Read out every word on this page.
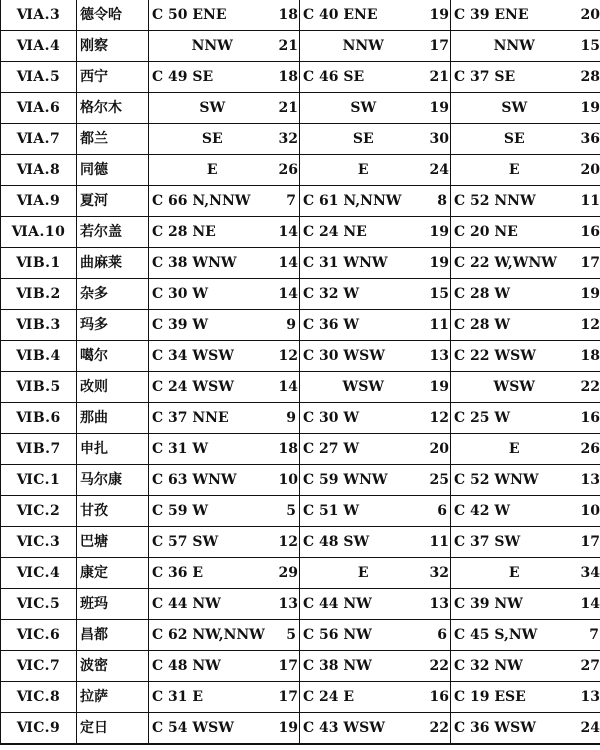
ⅥA.3	德令哈	C 50 ENE	18	C 40 ENE	19	C 39 ENE	20
ⅥA.4	刚察	NNW	21	NNW	17	NNW	15
ⅥA.5	西宁	C 49 SE	18	C 46 SE	21	C 37 SE	28
ⅥA.6	格尔木	SW	21	SW	19	SW	19
ⅥA.7	都兰	SE	32	SE	30	SE	36
ⅥA.8	同德	E	26	E	24	E	20
ⅥA.9	夏河	C 66 N,NNW	7	C 61 N,NNW	8	C 52 NNW	11
ⅥA.10	若尔盖	C 28 NE	14	C 24 NE	19	C 20 NE	16
ⅥB.1	曲麻莱	C 38 WNW	14	C 31 WNW	19	C 22 W,WNW	17
ⅥB.2	杂多	C 30 W	14	C 32 W	15	C 28 W	19
ⅥB.3	玛多	C 39 W	9	C 36 W	11	C 28 W	12
ⅥB.4	噶尔	C 34 WSW	12	C 30 WSW	13	C 22 WSW	18
ⅥB.5	改则	C 24 WSW	14	WSW	19	WSW	22
ⅥB.6	那曲	C 37 NNE	9	C 30 W	12	C 25 W	16
ⅥB.7	申扎	C 31 W	18	C 27 W	20	E	26
ⅥC.1	马尔康	C 63 WNW	10	C 59 WNW	25	C 52 WNW	13
ⅥC.2	甘孜	C 59 W	5	C 51 W	6	C 42 W	10
ⅥC.3	巴塘	C 57 SW	12	C 48 SW	11	C 37 SW	17
ⅥC.4	康定	C 36 E	29	E	32	E	34
ⅥC.5	班玛	C 44 NW	13	C 44 NW	13	C 39 NW	14
ⅥC.6	昌都	C 62 NW,NNW	5	C 56 NW	6	C 45 S,NW	7
ⅥC.7	波密	C 48 NW	17	C 38 NW	22	C 32 NW	27
ⅥC.8	拉萨	C 31 E	17	C 24 E	16	C 19 ESE	13
ⅥC.9	定日	C 54 WSW	19	C 43 WSW	22	C 36 WSW	24
